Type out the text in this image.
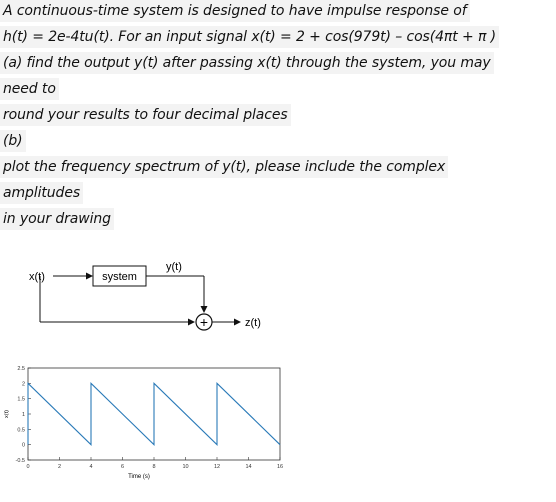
A continuous-time system is designed to have impulse response of
h(t) = 2e-4tu(t). For an input signal x(t) = 2 + cos(979t) – cos(4πt + π )
(a) find the output y(t) after passing x(t) through the system, you may
need to
round your results to four decimal places
(b)
plot the frequency spectrum of y(t), please include the complex
amplitudes
in your drawing
x(t)	system
y(t)
+	z(t)
2.5
2
1.5
1
0.5
0
-0.5
0	2	4	6	8	10	12	14	16
Time (s)
x(t)
